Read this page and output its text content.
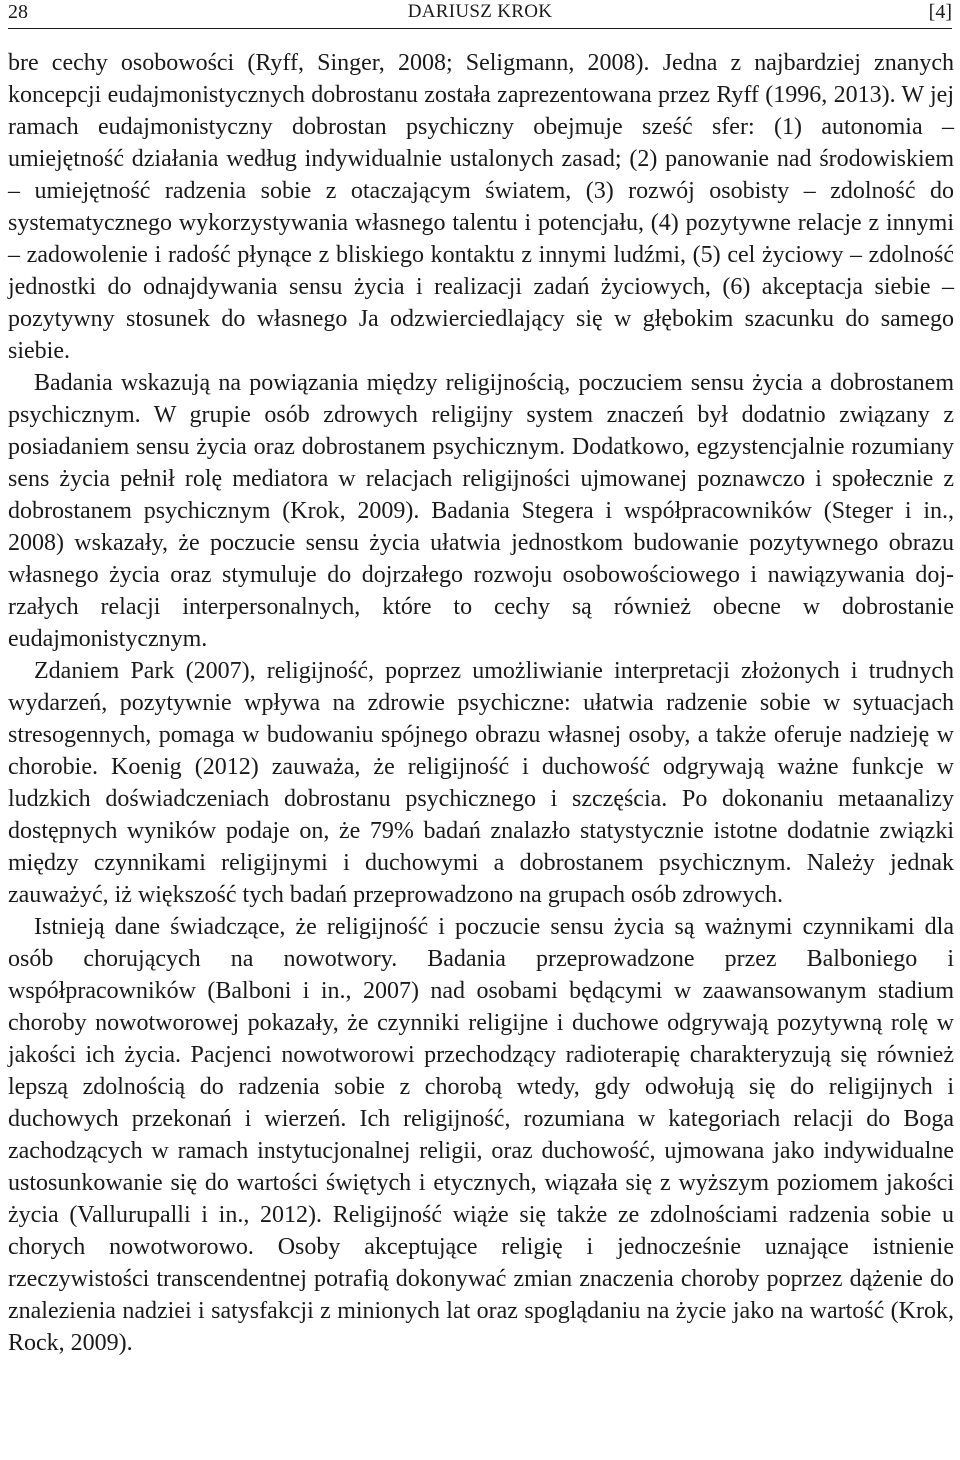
28	DARIUSZ KROK	[4]

bre cechy osobowości (Ryff, Singer, 2008; Seligmann, 2008). Jedna z najbardziej znanych koncepcji eudajmonistycznych dobrostanu została zaprezentowana przez Ryff (1996, 2013). W jej ramach eudajmonistyczny dobrostan psychiczny obejmuje sześć sfer: (1) autonomia – umiejętność działania według indywidualnie ustalonych zasad; (2) panowanie nad środowiskiem – umiejętność radzenia sobie z otaczającym światem, (3) rozwój osobisty – zdolność do systematycznego wykorzystywania własnego talentu i potencjału, (4) pozytywne relacje z innymi – zadowolenie i radość płynące z bliskiego kontaktu z innymi ludźmi, (5) cel życiowy – zdolność jednostki do odnajdywania sensu życia i realizacji zadań życiowych, (6) akceptacja siebie – pozytywny stosunek do własnego Ja odzwierciedlający się w głębokim szacunku do samego siebie.

Badania wskazują na powiązania między religijnością, poczuciem sensu życia a dobrostanem psychicznym. W grupie osób zdrowych religijny system znaczeń był dodatnio związany z posiadaniem sensu życia oraz dobrostanem psychicznym. Dodatkowo, egzystencjalnie rozumiany sens życia pełnił rolę mediatora w relacjach religijności ujmowanej poznawczo i społecznie z dobrostanem psychicznym (Krok, 2009). Badania Stegera i współpracowników (Steger i in., 2008) wskazały, że poczucie sensu życia ułatwia jednostkom budowanie pozytywnego obrazu własnego życia oraz stymuluje do dojrzałego rozwoju osobowościowego i nawiązywania dojrzałych relacji interpersonalnych, które to cechy są również obecne w dobrostanie eudajmonistycznym.

Zdaniem Park (2007), religijność, poprzez umożliwianie interpretacji złożonych i trudnych wydarzeń, pozytywnie wpływa na zdrowie psychiczne: ułatwia radzenie sobie w sytuacjach stresogennych, pomaga w budowaniu spójnego obrazu własnej osoby, a także oferuje nadzieję w chorobie. Koenig (2012) zauważa, że religijność i duchowość odgrywają ważne funkcje w ludzkich doświadczeniach dobrostanu psychicznego i szczęścia. Po dokonaniu metaanalizy dostępnych wyników podaje on, że 79% badań znalazło statystycznie istotne dodatnie związki między czynnikami religijnymi i duchowymi a dobrostanem psychicznym. Należy jednak zauważyć, iż większość tych badań przeprowadzono na grupach osób zdrowych.

Istnieją dane świadczące, że religijność i poczucie sensu życia są ważnymi czynnikami dla osób chorujących na nowotwory. Badania przeprowadzone przez Balboniego i współpracowników (Balboni i in., 2007) nad osobami będącymi w zaawansowanym stadium choroby nowotworowej pokazały, że czynniki religijne i duchowe odgrywają pozytywną rolę w jakości ich życia. Pacjenci nowotworowi przechodzący radioterapię charakteryzują się również lepszą zdolnością do radzenia sobie z chorobą wtedy, gdy odwołują się do religijnych i duchowych przekonań i wierzeń. Ich religijność, rozumiana w kategoriach relacji do Boga zachodzących w ramach instytucjonalnej religii, oraz duchowość, ujmowana jako indywidualne ustosunkowanie się do wartości świętych i etycznych, wiązała się z wyższym poziomem jakości życia (Vallurupalli i in., 2012). Religijność wiąże się także ze zdolnościami radzenia sobie u chorych nowotworowo. Osoby akceptujące religię i jednocześnie uznające istnienie rzeczywistości transcendentnej potrafią dokonywać zmian znaczenia choroby poprzez dążenie do znalezienia nadziei i satysfakcji z minionych lat oraz spoglądaniu na życie jako na wartość (Krok, Rock, 2009).
